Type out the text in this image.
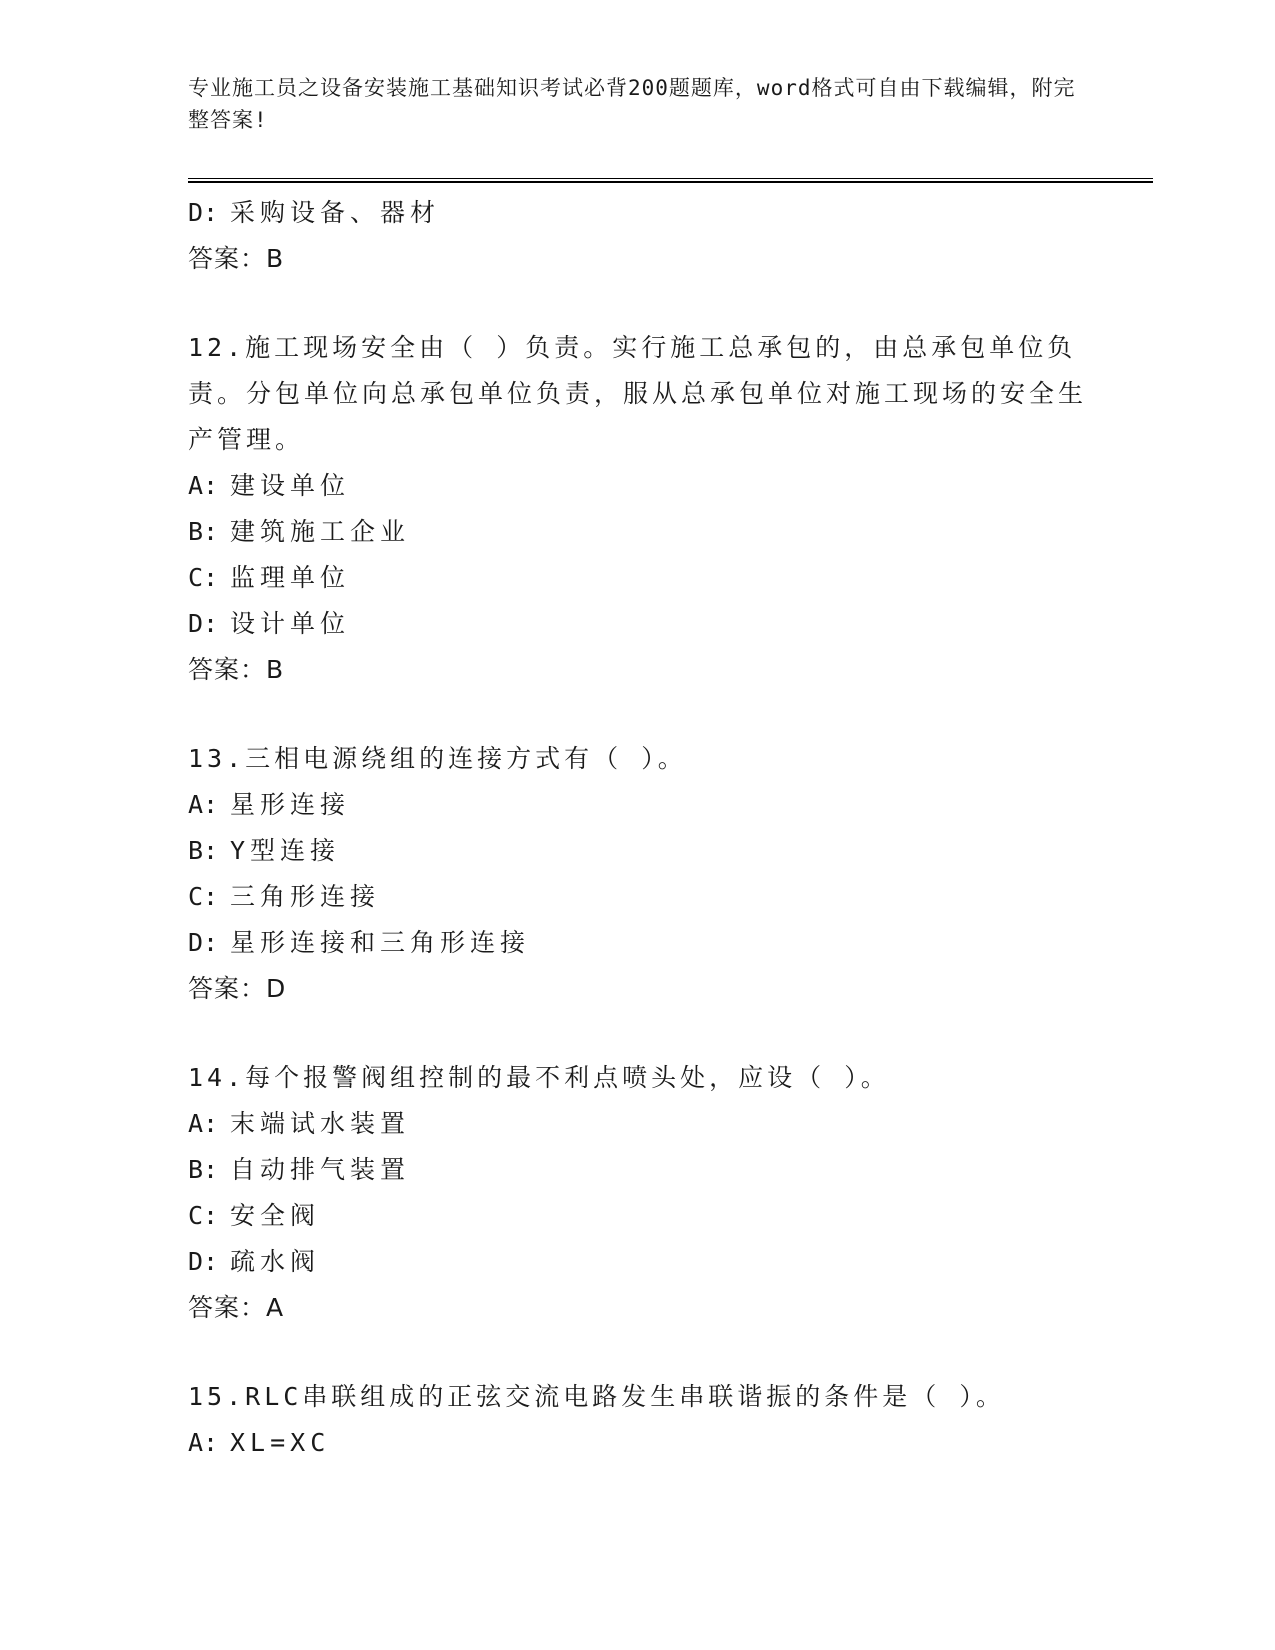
专业施工员之设备安装施工基础知识考试必背200题题库，word格式可自由下载编辑，附完整答案!
D: 采购设备、器材
答案：B
12.施工现场安全由（ ）负责。实行施工总承包的，由总承包单位负责。分包单位向总承包单位负责，服从总承包单位对施工现场的安全生产管理。
A: 建设单位
B: 建筑施工企业
C: 监理单位
D: 设计单位
答案：B
13.三相电源绕组的连接方式有（ ）。
A: 星形连接
B: Y型连接
C: 三角形连接
D: 星形连接和三角形连接
答案：D
14.每个报警阀组控制的最不利点喷头处，应设（ ）。
A: 末端试水装置
B: 自动排气装置
C: 安全阀
D: 疏水阀
答案：A
15.RLC串联组成的正弦交流电路发生串联谐振的条件是（ ）。
A: XL=XC
